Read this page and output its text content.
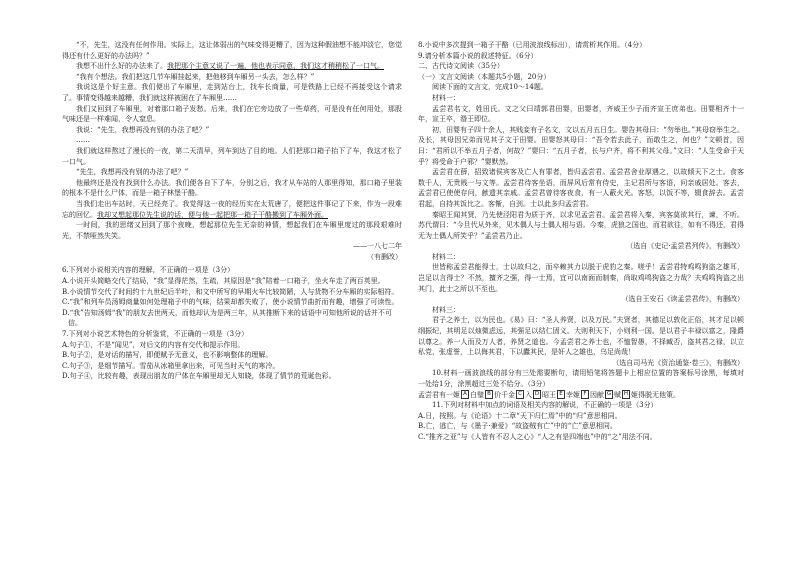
“不，先生，这没有任何作用。实际上，这让体弱出的气味变得更糟了，因为这种假油想不能冲淡它，您觉得还有什么更好的办法吗？”

我想不出什么好的办法来了。我把那个主意又说了一遍，他也表示同意，我们这才稍稍松了一口气。

“我有个想法。我们把这几节车厢挂起来，把他移到车厢另一头去，怎么样？”

我说这是个好主意。我们便出了车厢里，走到站台上，找车长商量，可是铁路上已经不再接受这个请求了。事情变得越来越糟，我们就这样被困在了车厢里……

我们又回到了车厢里，对着那口箱子发愁。后来，我们在它旁边放了一些草药，可是没有任何用处，那股气味还是一样难闻，令人窒息。

我说：“先生，我想再没有别的办法了吧？”

……

我们就这样熬过了漫长的一夜，第二天清早，列车到达了目的地。人们把那口箱子抬下了车，我这才松了一口气。

“先生，我想再没有别的办法了吧？”

他最终还是没有找到什么办法。我们便各自下了车，分别之后，我才从车站的人那里得知，那口箱子里装的根本不是什么尸体，而是一箱子林堡干酪。

当我们走出车站时，天已经亮了。我觉得这一夜的经历实在太荒唐了，便把这件事记了下来，作为一段难忘的回忆。我却又想起那位先生说的话，便与他一起把那一箱子干酪搬到了车厢外面。

一时间，我的思绪又回到了那个夜晚，想起那位先生无奈的神情，想起我们在车厢里度过的那段艰难时光，不禁哑然失笑。

——一八七二年

（有删改）

6.下列对小说相关内容的理解，不正确的一项是（3分）

A.小说开头简略交代了结局，“我”显得茫然，生疏，其原因是“我”陪着一口箱子，坐火车走了两百英里。

B.小说情节交代了时间约十九世纪后半叶，和文中所写的早期火车比较简陋，人与货物不分车厢的实际相符。

C.“我”和列车员汤姆商量如何处理箱子中的气味，结果却都失败了，使小说情节曲折而有趣，增强了可读性。

D.“我”告知汤姆“我”的朋友去世两天，而他却认为是两三年，从其推断下来的话语中可知他所说的话并不可信。

7.下列对小说艺术特色的分析鉴赏，不正确的一项是（3分）

A.句子①，不是“闻见”，对后文的内容有交代和提示作用。

B.句子②，是对话的描写，即便赋予无意义，也不影响整体的理解。

C.句子③，是细节描写。雪茄从冰箱里拿出来，可见当时天气的寒冷。

D.句子④，比较有趣，表现出朋友的尸体在车厢里却无人知晓，体现了情节的荒诞色彩。

8.小说中多次提到一箱子干酪（已用波浪线标出），请赏析其作用。（4分）

9.请分析本篇小说的叙述特征。（6分）

二、古代诗文阅读（35分）

（一）文言文阅读（本题共5小题，20分）

阅读下面的文言文，完成10～14题。

材料一：

孟尝君名文，姓田氏。文之父曰靖郭君田婴，田婴者，齐威王少子而齐宣王庶弟也。田婴相齐十一年，宣王卒，湣王即位。

初，田婴有子四十余人，其贱妾有子名文，文以五月五日生。婴告其母曰：“勿举也。”其母窃举生之。及长，其母因兄弟而见其子文于田婴。田婴怒其母曰：“吾令若去此子，而敢生之，何也？”文顿首，因曰：“君所以不举五月子者，何故？”婴曰：“五月子者，长与户齐，将不利其父母。”文曰：“人生受命于天乎？将受命于户邪？”婴默然。

孟尝君在薛，招致诸侯宾客及亡人有罪者，皆归孟尝君。孟尝君舍业厚遇之，以故倾天下之士。食客数千人，无贵贱一与文等。孟尝君待客坐语，而屏风后常有侍史，主记君所与客语，问亲戚居处。客去，孟尝君已使使存问，献遗其亲戚。孟尝君曾待客夜食，有一人蔽火光。客怒，以饭不等，辍食辞去。孟尝君起，自持其饭比之。客惭，自刭。士以此多归孟尝君。

秦昭王闻其贤，乃先使泾阳君为质于齐，以求见孟尝君。孟尝君将入秦，宾客莫欲其行，谏，不听。苏代谓曰：“今旦代从外来，见木偶人与土偶人相与语。今秦，虎狼之国也，而君欲往，如有不得还，君得无为土偶人所笑乎？”孟尝君乃止。

（选自《史记·孟尝君列传》，有删改）

材料二：

世皆称孟尝君能得士，士以故归之，而卒赖其力以脱于虎豹之秦。嗟乎！孟尝君特鸡鸣狗盗之雄耳，岂足以言得士？不然，擅齐之强，得一士焉，宜可以南面而制秦，尚取鸡鸣狗盗之力哉？夫鸡鸣狗盗之出其门，此士之所以不至也。

（选自王安石《读孟尝君传》，有删改）

材料三：

君子之养士，以为民也。《易》曰：“圣人养贤，以及万民。”夫贤者，其德足以敦化正俗，其才足以顿纲振纪，其明足以烛微虑远，其强足以结仁固义。大则利天下，小则利一国。是以君子丰禄以富之，隆爵以尊之。养一人而及万人者，养贤之道也。今孟尝君之养士也，不恤智愚，不择臧否，盗其君之禄，以立私党，张虚誉，上以侮其君，下以蠹其民，是奸人之雄也，乌足尚哉！

（选自司马光《资治通鉴·卷三》，有删改）

10.材料一画波浪线的部分有三处需要断句，请用铅笔将答题卡上相应位置的答案标号涂黑，每填对一处给1分，涂黑超过三处不给分。（3分）

孟尝君有一姬 A 白璧 B 价千金 C 入 D 昭王 E 幸姬 F 因献 G 赋 H 姬得脱无他策。

11.下列对材料中加点的词语及相关内容的解说，不正确的一项是（3分）

A.日，按照。与《论语》十二章“天下归仁焉”中的“归”意思相同。

B.亡，逃亡，与《墨子·兼爱》“故盗贼有亡”中的“亡”意思相同。

C.“推齐之亚”与《人皆有不忍人之心》“人之有是四端也”中的“之”用法不同。
